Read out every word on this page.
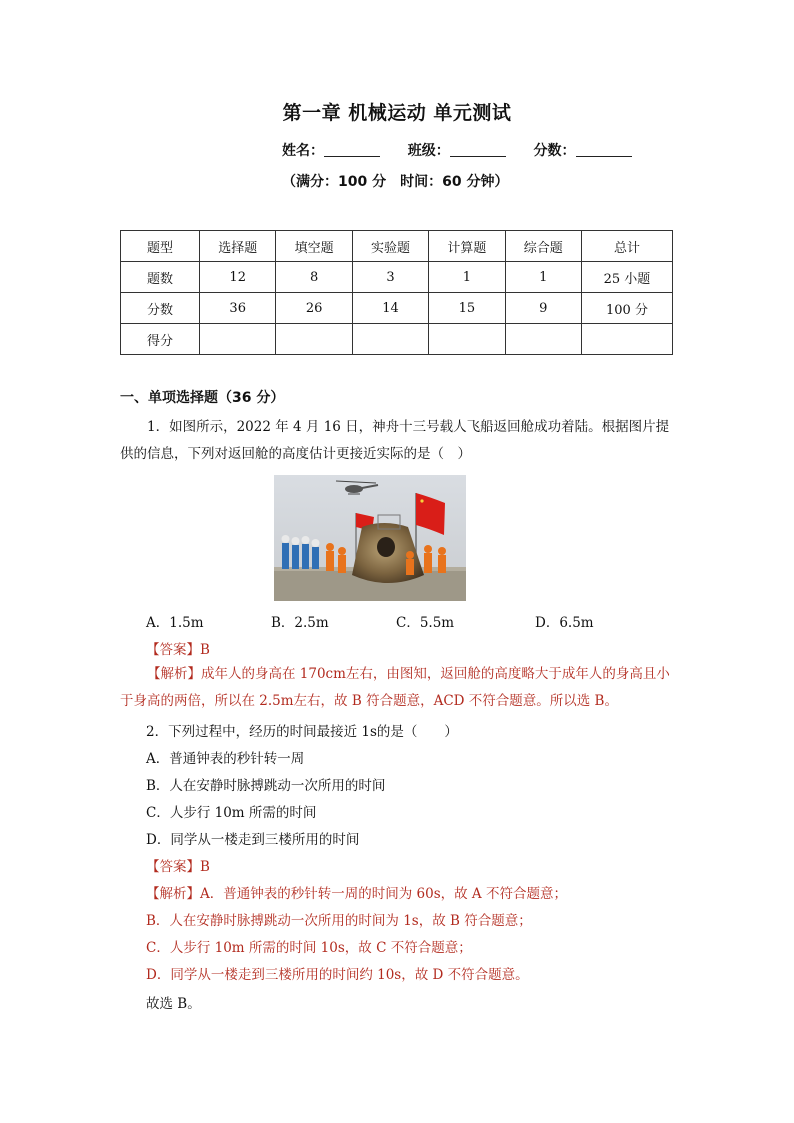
第一章 机械运动 单元测试
姓名：	班级：	分数：
（满分：100 分　时间：60 分钟）
题型	选择题	填空题	实验题	计算题	综合题	总计
题数	12	8	3	1	1	25 小题
分数	36	26	14	15	9	100 分
得分						
一、单项选择题（36 分）
1．如图所示，2022 年 4 月 16 日，神舟十三号载人飞船返回舱成功着陆。根据图片提供的信息，下列对返回舱的高度估计更接近实际的是（　）
A．1.5m	B．2.5m	C．5.5m	D．6.5m
【答案】B
【解析】成年人的身高在 170cm左右，由图知，返回舱的高度略大于成年人的身高且小于身高的两倍，所以在 2.5m左右，故 B 符合题意，ACD 不符合题意。所以选 B。
2．下列过程中，经历的时间最接近 1s的是（　　）
A．普通钟表的秒针转一周
B．人在安静时脉搏跳动一次所用的时间
C．人步行 10m 所需的时间
D．同学从一楼走到三楼所用的时间
【答案】B
【解析】A．普通钟表的秒针转一周的时间为 60s，故 A 不符合题意；
B．人在安静时脉搏跳动一次所用的时间为 1s，故 B 符合题意；
C．人步行 10m 所需的时间 10s，故 C 不符合题意；
D．同学从一楼走到三楼所用的时间约 10s，故 D 不符合题意。
故选 B。
